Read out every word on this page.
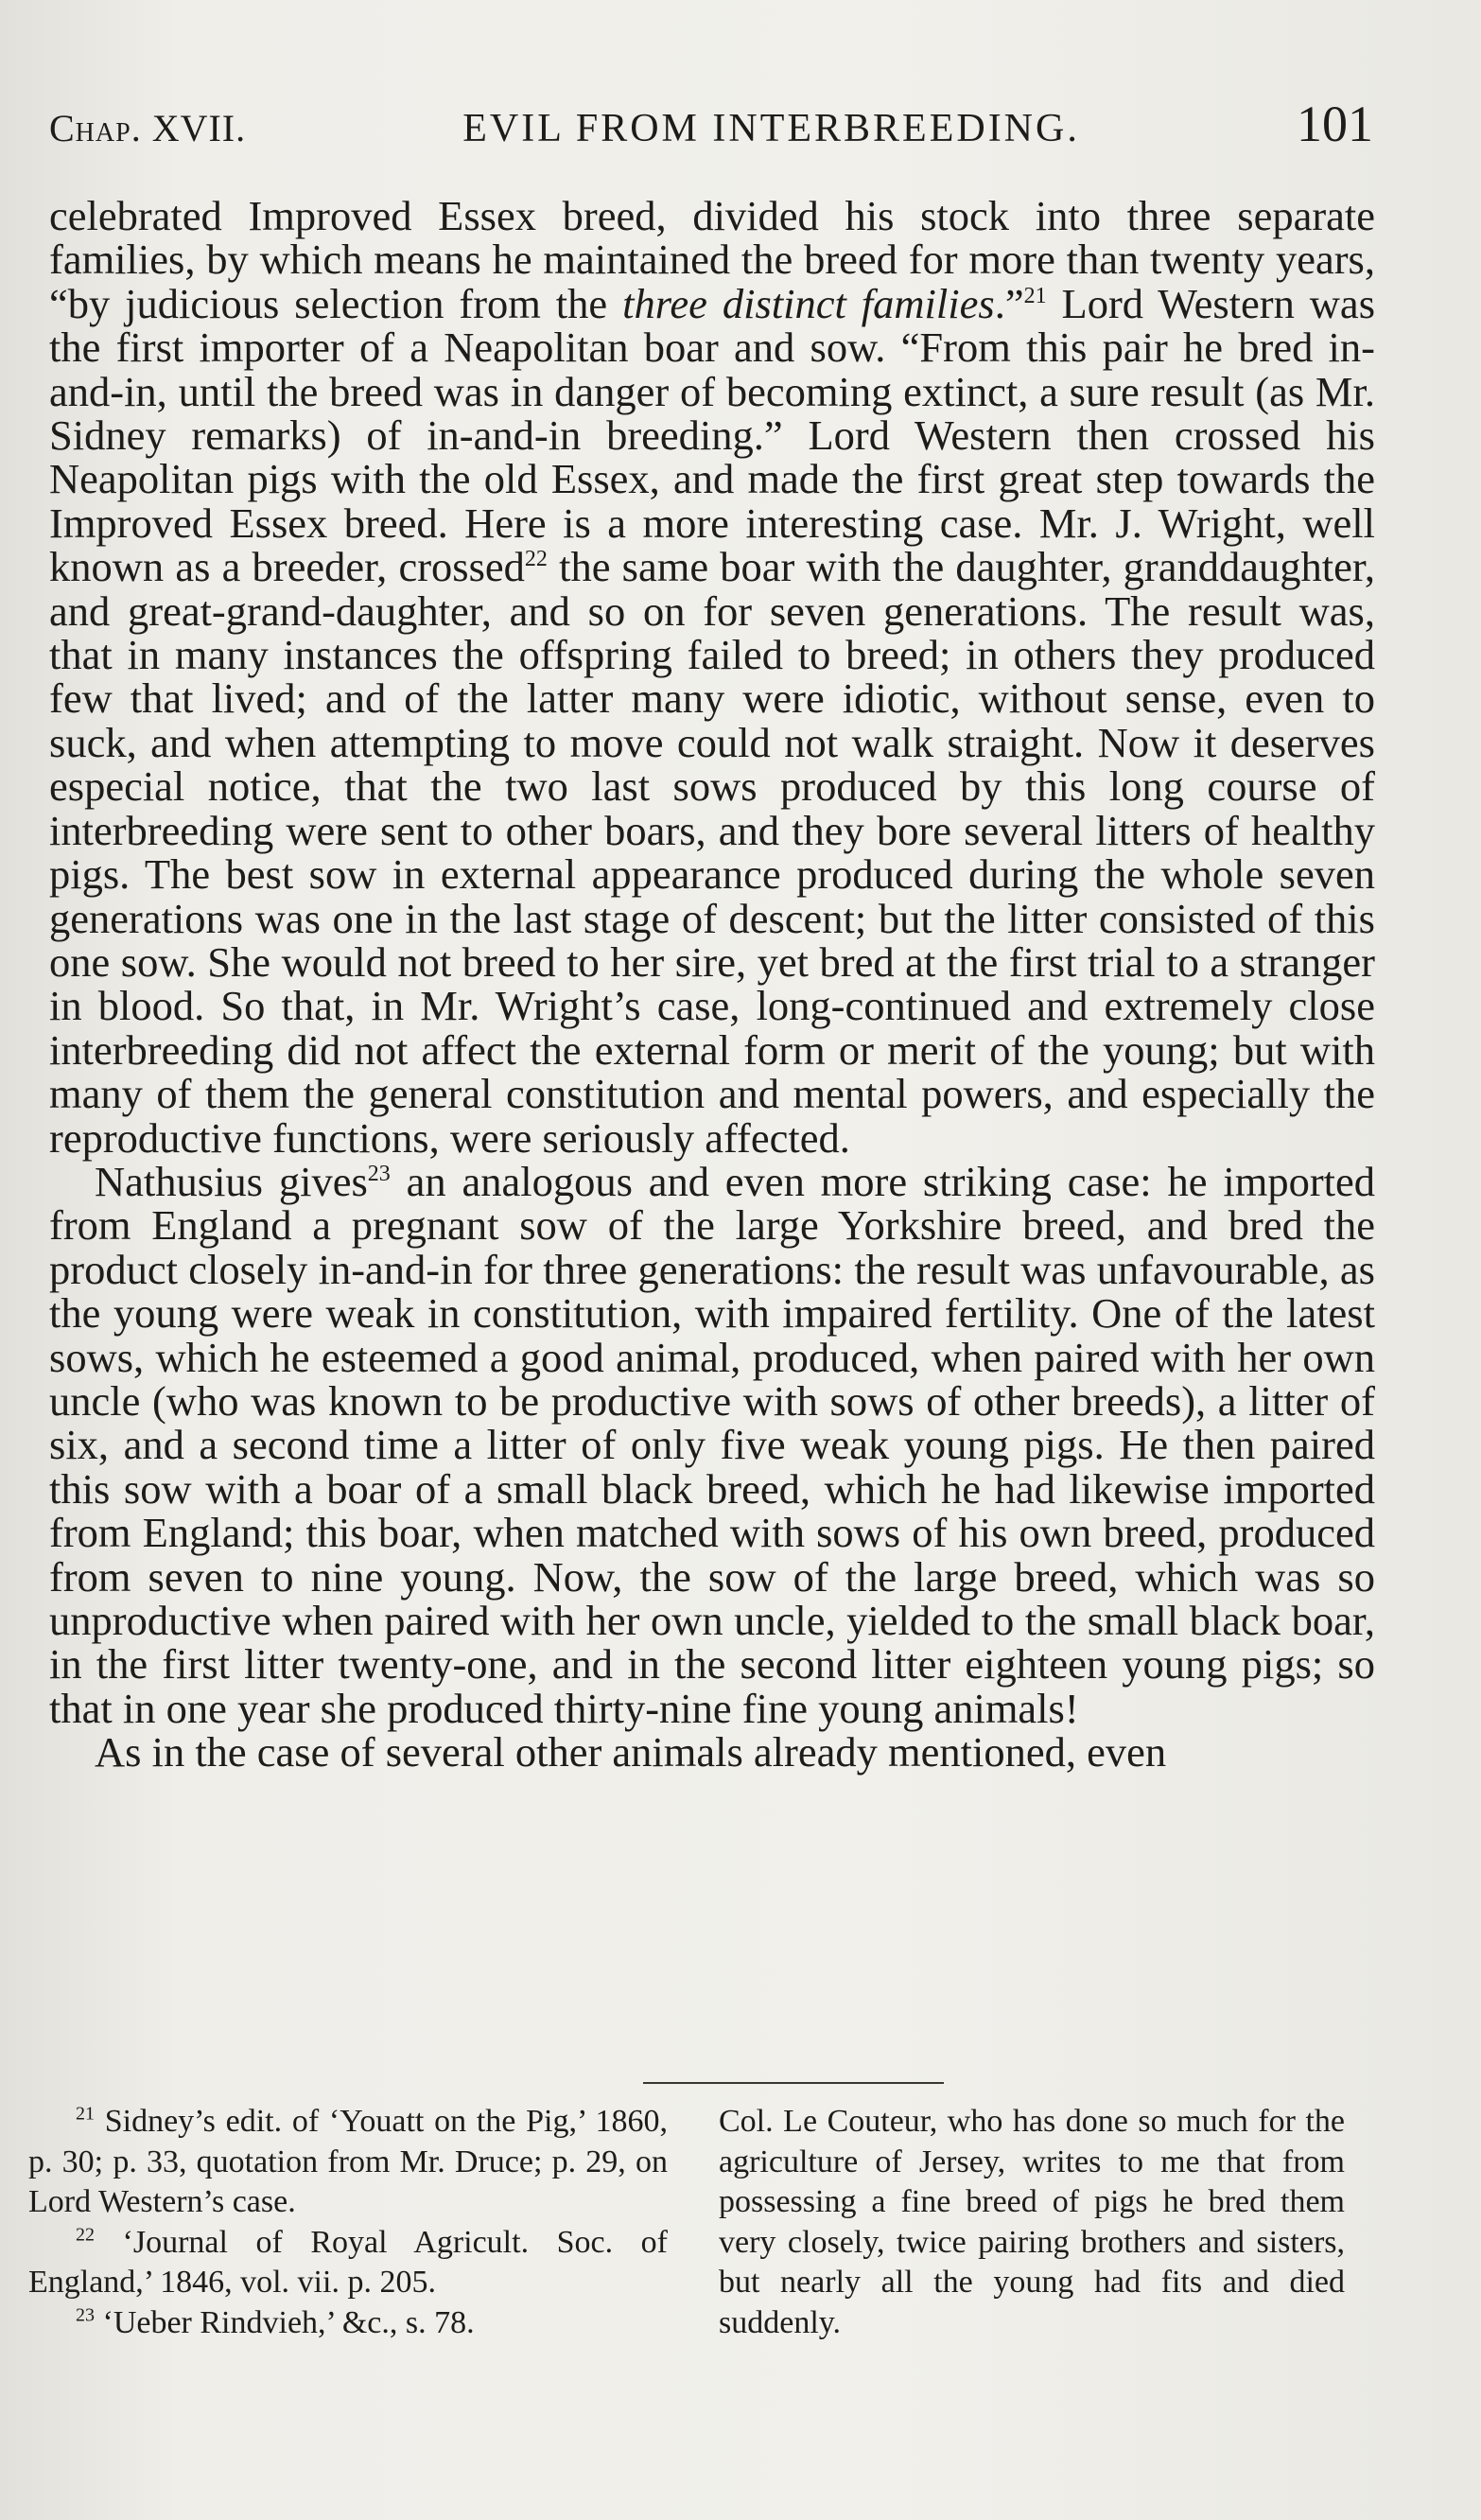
Chap. XVII.	EVIL FROM INTERBREEDING.	101

celebrated Improved Essex breed, divided his stock into three separate families, by which means he maintained the breed for more than twenty years, “by judicious selection from the three distinct families.”$^{21}$ Lord Western was the first importer of a Neapolitan boar and sow. “From this pair he bred in-and-in, until the breed was in danger of becoming extinct, a sure result (as Mr. Sidney remarks) of in-and-in breeding.” Lord Western then crossed his Neapolitan pigs with the old Essex, and made the first great step towards the Improved Essex breed. Here is a more interesting case. Mr. J. Wright, well known as a breeder, crossed$^{22}$ the same boar with the daughter, granddaughter, and great-grand-daughter, and so on for seven generations. The result was, that in many instances the offspring failed to breed; in others they produced few that lived; and of the latter many were idiotic, without sense, even to suck, and when attempting to move could not walk straight. Now it deserves especial notice, that the two last sows produced by this long course of interbreeding were sent to other boars, and they bore several litters of healthy pigs. The best sow in external appearance produced during the whole seven generations was one in the last stage of descent; but the litter consisted of this one sow. She would not breed to her sire, yet bred at the first trial to a stranger in blood. So that, in Mr. Wright’s case, long-continued and extremely close interbreeding did not affect the external form or merit of the young; but with many of them the general constitution and mental powers, and especially the reproductive functions, were seriously affected.

Nathusius gives$^{23}$ an analogous and even more striking case: he imported from England a pregnant sow of the large Yorkshire breed, and bred the product closely in-and-in for three generations: the result was unfavourable, as the young were weak in constitution, with impaired fertility. One of the latest sows, which he esteemed a good animal, produced, when paired with her own uncle (who was known to be productive with sows of other breeds), a litter of six, and a second time a litter of only five weak young pigs. He then paired this sow with a boar of a small black breed, which he had likewise imported from England; this boar, when matched with sows of his own breed, produced from seven to nine young. Now, the sow of the large breed, which was so unproductive when paired with her own uncle, yielded to the small black boar, in the first litter twenty-one, and in the second litter eighteen young pigs; so that in one year she produced thirty-nine fine young animals!

As in the case of several other animals already mentioned, even

$^{21}$ Sidney’s edit. of ‘Youatt on the Pig,’ 1860, p. 30; p. 33, quotation from Mr. Druce; p. 29, on Lord Western’s case.

$^{22}$ ‘Journal of Royal Agricult. Soc. of England,’ 1846, vol. vii. p. 205.

$^{23}$ ‘Ueber Rindvieh,’ &c., s. 78.

Col. Le Couteur, who has done so much for the agriculture of Jersey, writes to me that from possessing a fine breed of pigs he bred them very closely, twice pairing brothers and sisters, but nearly all the young had fits and died suddenly.
